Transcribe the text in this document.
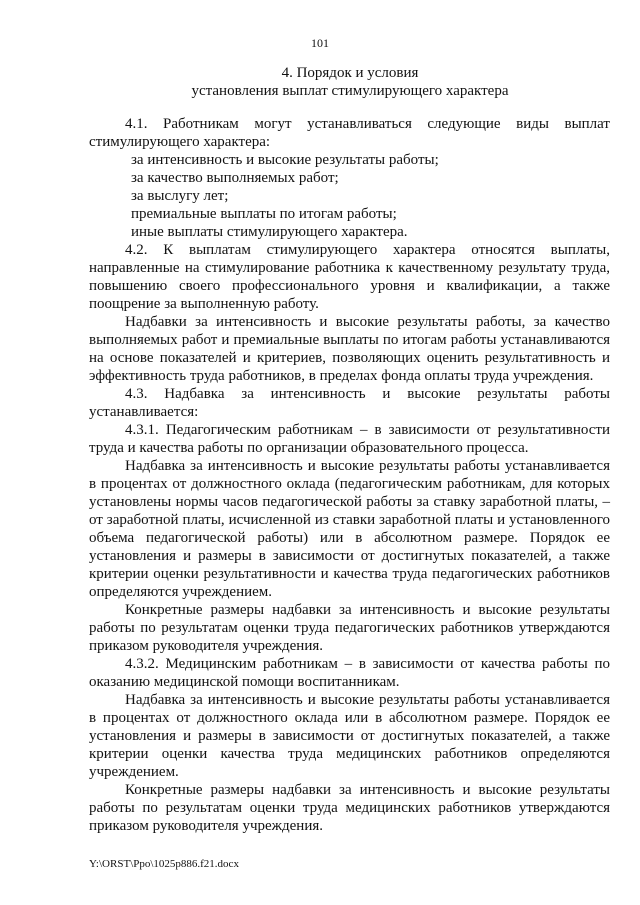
101
4. Порядок и условия
установления выплат стимулирующего характера

4.1. Работникам могут устанавливаться следующие виды выплат стимулирующего характера:

за интенсивность и высокие результаты работы;

за качество выполняемых работ;

за выслугу лет;

премиальные выплаты по итогам работы;

иные выплаты стимулирующего характера.

4.2. К выплатам стимулирующего характера относятся выплаты, направленные на стимулирование работника к качественному результату труда, повышению своего профессионального уровня и квалификации, а также поощрение за выполненную работу.

Надбавки за интенсивность и высокие результаты работы, за качество выполняемых работ и премиальные выплаты по итогам работы устанавливаются на основе показателей и критериев, позволяющих оценить результативность и эффективность труда работников, в пределах фонда оплаты труда учреждения.

4.3. Надбавка за интенсивность и высокие результаты работы устанавливается:

4.3.1. Педагогическим работникам – в зависимости от результативности труда и качества работы по организации образовательного процесса.

Надбавка за интенсивность и высокие результаты работы устанавливается в процентах от должностного оклада (педагогическим работникам, для которых установлены нормы часов педагогической работы за ставку заработной платы, – от заработной платы, исчисленной из ставки заработной платы и установленного объема педагогической работы) или в абсолютном размере. Порядок ее установления и размеры в зависимости от достигнутых показателей, а также критерии оценки результативности и качества труда педагогических работников определяются учреждением.

Конкретные размеры надбавки за интенсивность и высокие результаты работы по результатам оценки труда педагогических работников утверждаются приказом руководителя учреждения.

4.3.2. Медицинским работникам – в зависимости от качества работы по оказанию медицинской помощи воспитанникам.

Надбавка за интенсивность и высокие результаты работы устанавливается в процентах от должностного оклада или в абсолютном размере. Порядок ее установления и размеры в зависимости от достигнутых показателей, а также критерии оценки качества труда медицинских работников определяются учреждением.

Конкретные размеры надбавки за интенсивность и высокие результаты работы по результатам оценки труда медицинских работников утверждаются приказом руководителя учреждения.

Y:\ORST\Ppo\1025p886.f21.docx
